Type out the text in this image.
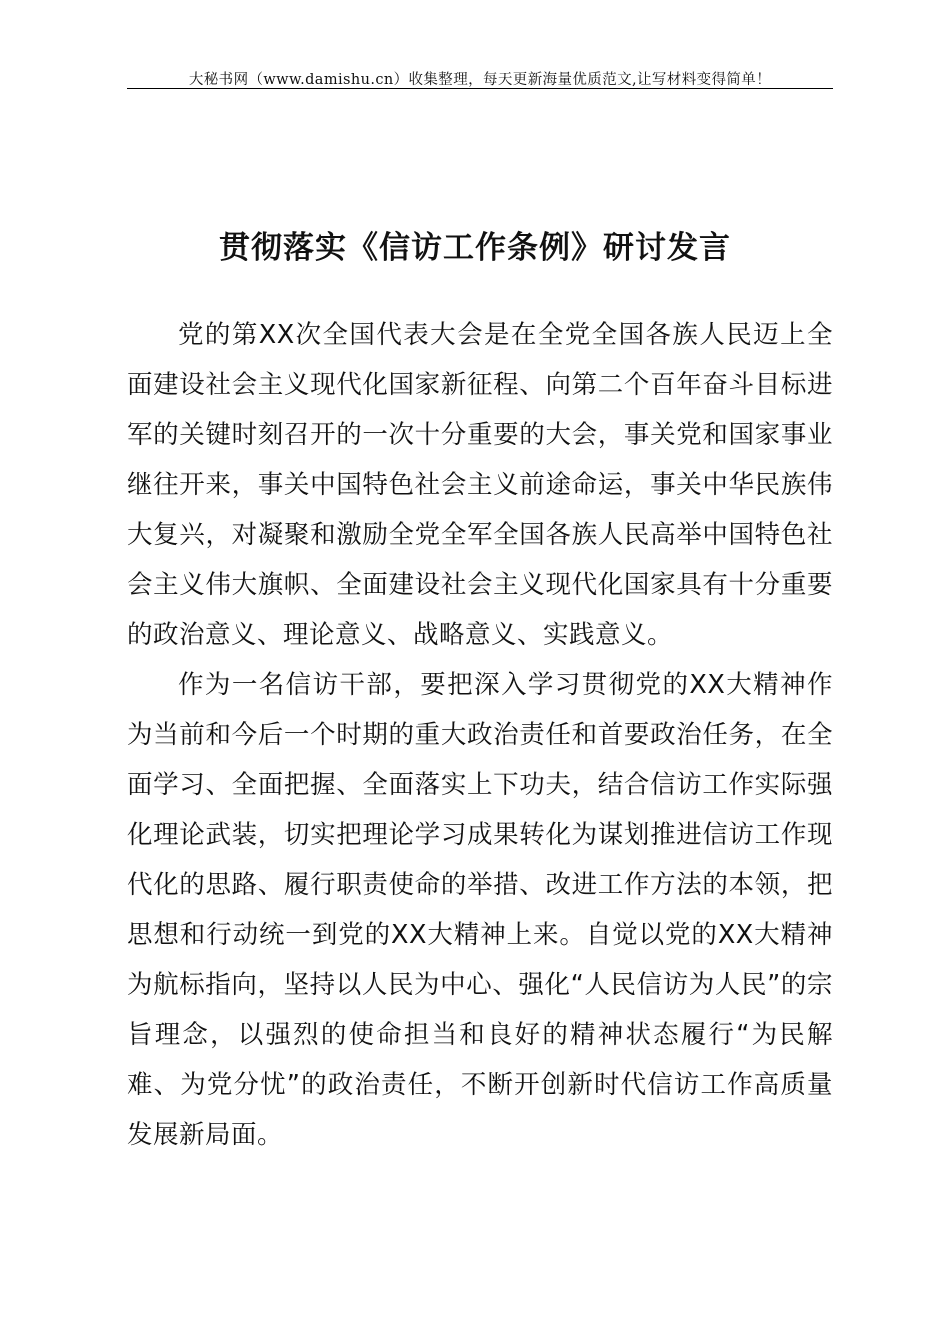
大秘书网（www.damishu.cn）收集整理，每天更新海量优质范文,让写材料变得简单！
贯彻落实《信访工作条例》研讨发言

党的第XX次全国代表大会是在全党全国各族人民迈上全面建设社会主义现代化国家新征程、向第二个百年奋斗目标进军的关键时刻召开的一次十分重要的大会，事关党和国家事业继往开来，事关中国特色社会主义前途命运，事关中华民族伟大复兴，对凝聚和激励全党全军全国各族人民高举中国特色社会主义伟大旗帜、全面建设社会主义现代化国家具有十分重要的政治意义、理论意义、战略意义、实践意义。

作为一名信访干部，要把深入学习贯彻党的XX大精神作为当前和今后一个时期的重大政治责任和首要政治任务，在全面学习、全面把握、全面落实上下功夫，结合信访工作实际强化理论武装，切实把理论学习成果转化为谋划推进信访工作现代化的思路、履行职责使命的举措、改进工作方法的本领，把思想和行动统一到党的XX大精神上来。自觉以党的XX大精神为航标指向，坚持以人民为中心、强化“人民信访为人民”的宗旨理念，以强烈的使命担当和良好的精神状态履行“为民解难、为党分忧”的政治责任，不断开创新时代信访工作高质量发展新局面。
